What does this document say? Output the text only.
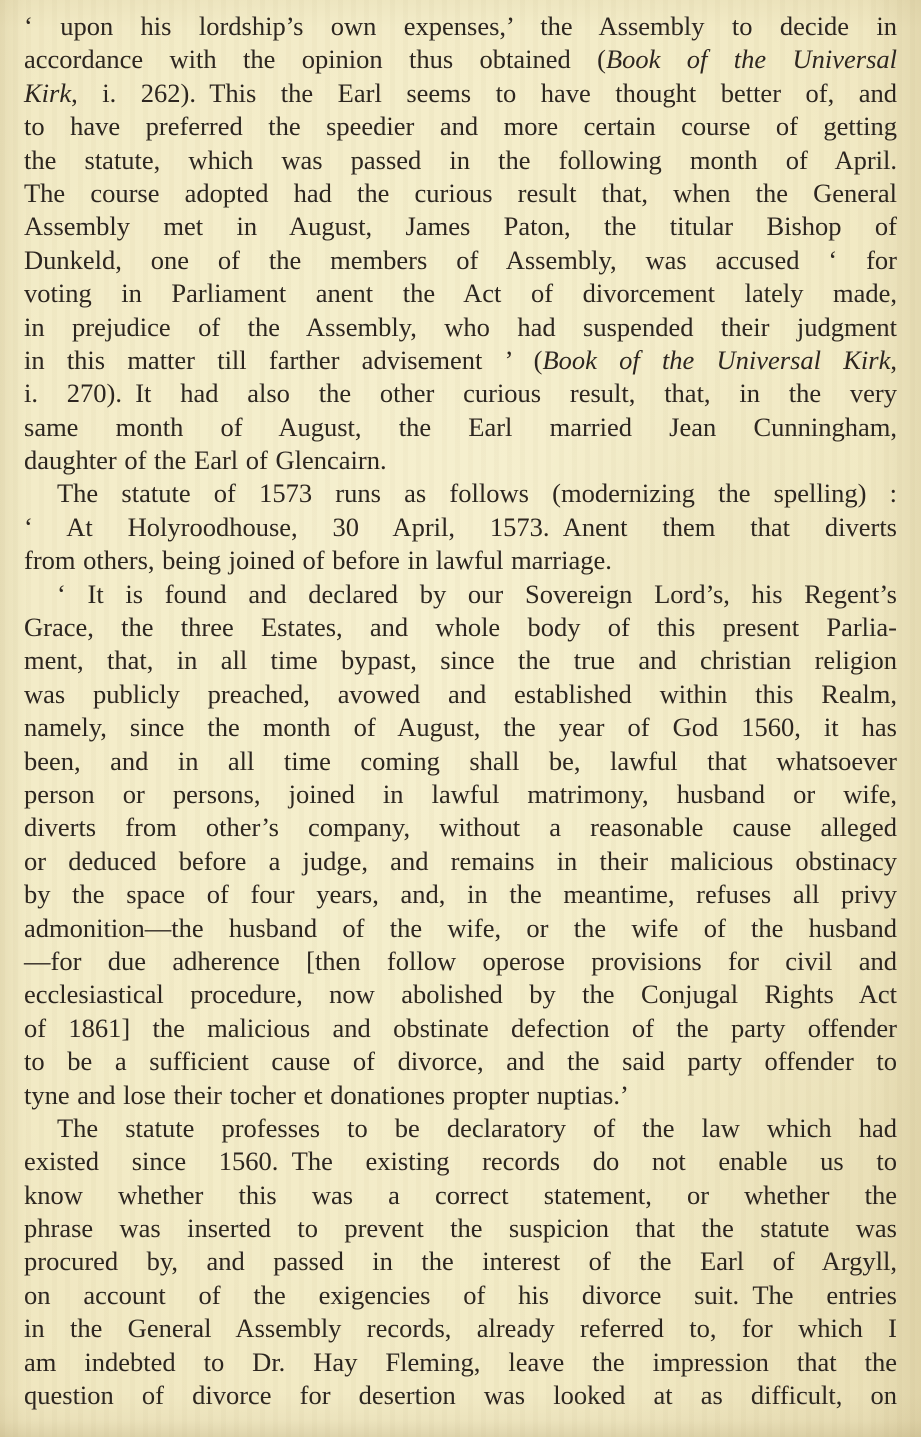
‘ upon his lordship’s own expenses,’ the Assembly to decide in
accordance with the opinion thus obtained (Book of the Universal
Kirk, i. 262). This the Earl seems to have thought better of, and
to have preferred the speedier and more certain course of getting
the statute, which was passed in the following month of April.
The course adopted had the curious result that, when the General
Assembly met in August, James Paton, the titular Bishop of
Dunkeld, one of the members of Assembly, was accused ‘ for
voting in Parliament anent the Act of divorcement lately made,
in prejudice of the Assembly, who had suspended their judgment
in this matter till farther advisement ’ (Book of the Universal Kirk,
i. 270). It had also the other curious result, that, in the very
same month of August, the Earl married Jean Cunningham,
daughter of the Earl of Glencairn.
The statute of 1573 runs as follows (modernizing the spelling) :
‘ At Holyroodhouse, 30 April, 1573. Anent them that diverts
from others, being joined of before in lawful marriage.
‘ It is found and declared by our Sovereign Lord’s, his Regent’s
Grace, the three Estates, and whole body of this present Parlia-
ment, that, in all time bypast, since the true and christian religion
was publicly preached, avowed and established within this Realm,
namely, since the month of August, the year of God 1560, it has
been, and in all time coming shall be, lawful that whatsoever
person or persons, joined in lawful matrimony, husband or wife,
diverts from other’s company, without a reasonable cause alleged
or deduced before a judge, and remains in their malicious obstinacy
by the space of four years, and, in the meantime, refuses all privy
admonition—the husband of the wife, or the wife of the husband
—for due adherence [then follow operose provisions for civil and
ecclesiastical procedure, now abolished by the Conjugal Rights Act
of 1861] the malicious and obstinate defection of the party offender
to be a sufficient cause of divorce, and the said party offender to
tyne and lose their tocher et donationes propter nuptias.’
The statute professes to be declaratory of the law which had
existed since 1560. The existing records do not enable us to
know whether this was a correct statement, or whether the
phrase was inserted to prevent the suspicion that the statute was
procured by, and passed in the interest of the Earl of Argyll,
on account of the exigencies of his divorce suit. The entries
in the General Assembly records, already referred to, for which I
am indebted to Dr. Hay Fleming, leave the impression that the
question of divorce for desertion was looked at as difficult, on
